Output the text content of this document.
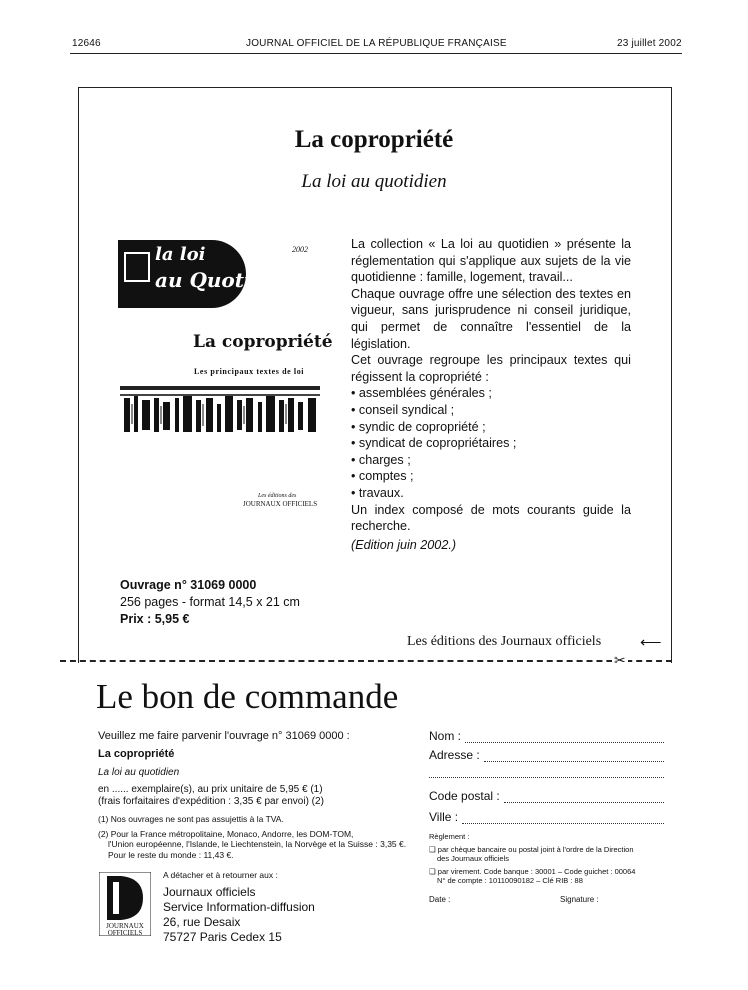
12646	JOURNAL OFFICIEL DE LA RÉPUBLIQUE FRANÇAISE	23 juillet 2002
La copropriété
La loi au quotidien
la loi
au Quotidien
2002
La copropriété
Les principaux textes de loi
Les éditions des
JOURNAUX OFFICIELS

La collection « La loi au quotidien » présente la réglementation qui s'applique aux sujets de la vie quotidienne : famille, logement, travail...

Chaque ouvrage offre une sélection des textes en vigueur, sans jurisprudence ni conseil juridique, qui permet de connaître l'essentiel de la législation.

Cet ouvrage regroupe les principaux textes qui régissent la copropriété :

• assemblées générales ;
• conseil syndical ;
• syndic de copropriété ;
• syndicat de copropriétaires ;
• charges ;
• comptes ;
• travaux.

Un index composé de mots courants guide la recherche.

(Edition juin 2002.)

Ouvrage n° 31069 0000
256 pages - format 14,5 x 21 cm
Prix : 5,95 €
Les éditions des Journaux officiels	⟵
✂
Le bon de commande
Veuillez me faire parvenir l'ouvrage n° 31069 0000 :
La copropriété
La loi au quotidien
en ...... exemplaire(s), au prix unitaire de 5,95 € (1)
(frais forfaitaires d'expédition : 3,35 € par envoi) (2)
(1) Nos ouvrages ne sont pas assujettis à la TVA.
(2) Pour la France métropolitaine, Monaco, Andorre, les DOM-TOM,
l'Union européenne, l'Islande, le Liechtenstein, la Norvège et la Suisse : 3,35 €.
Pour le reste du monde : 11,43 €.
JOURNAUX
OFFICIELS
A détacher et à retourner aux :
Journaux officiels
Service Information-diffusion
26, rue Desaix
75727 Paris Cedex 15
Nom :
Adresse :
Code postal :
Ville :
Règlement :
❑ par chèque bancaire ou postal joint à l'ordre de la Direction
des Journaux officiels
❑ par virement. Code banque : 30001 – Code guichet : 00064
N° de compte : 10110090182 – Clé RIB : 88
Date :	Signature :
